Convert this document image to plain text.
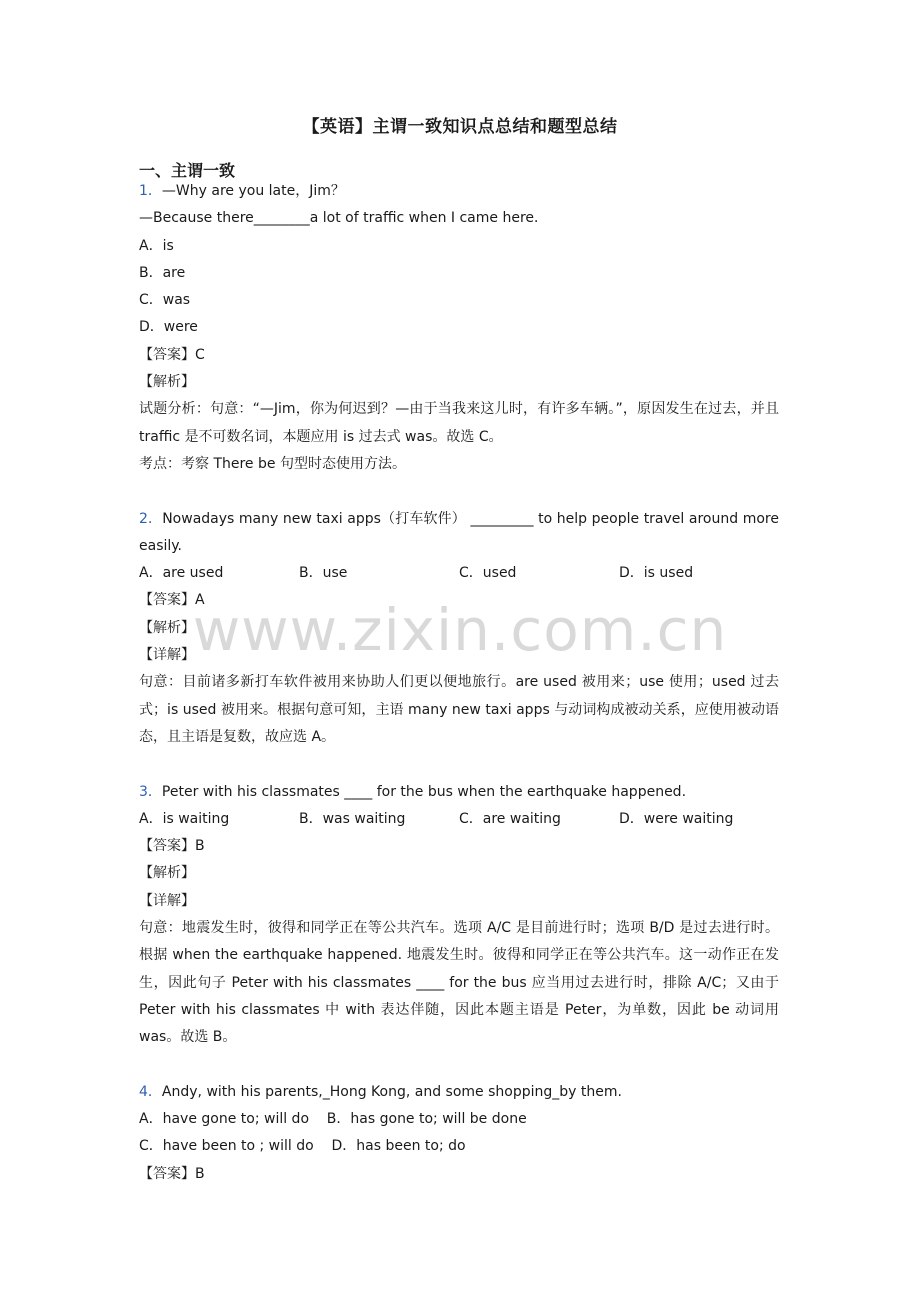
【英语】主谓一致知识点总结和题型总结
一、主谓一致
1．—Why are you late，Jim？
—Because there________a lot of traffic when I came here．
A．is
B．are
C．was
D．were
【答案】C
【解析】
试题分析：句意：“—Jim，你为何迟到？—由于当我来这儿时，有许多车辆。”，原因发生在过去，并且 traffic 是不可数名词，本题应用 is 过去式 was。故选 C。
考点：考察 There be 句型时态使用方法。
2．Nowadays many new taxi apps（打车软件） _________ to help people travel around more easily.
A．are used	B．use	C．used	D．is used
【答案】A
【解析】
【详解】
句意：目前诸多新打车软件被用来协助人们更以便地旅行。are used 被用来；use 使用；used 过去式；is used 被用来。根据句意可知，主语 many new taxi apps 与动词构成被动关系，应使用被动语态，且主语是复数，故应选 A。
3．Peter with his classmates ____ for the bus when the earthquake happened.
A．is waiting	B．was waiting	C．are waiting	D．were waiting
【答案】B
【解析】
【详解】
句意：地震发生时，彼得和同学正在等公共汽车。选项 A/C 是目前进行时；选项 B/D 是过去进行时。根据 when the earthquake happened. 地震发生时。彼得和同学正在等公共汽车。这一动作正在发生，因此句子 Peter with his classmates ____ for the bus 应当用过去进行时，排除 A/C；又由于 Peter with his classmates 中 with 表达伴随，因此本题主语是 Peter，为单数，因此 be 动词用 was。故选 B。
4．Andy, with his parents,_Hong Kong, and some shopping_by them.
A．have gone to; will do    B．has gone to; will be done
C．have been to ; will do    D．has been to; do
【答案】B
www.zixin.com.cn
